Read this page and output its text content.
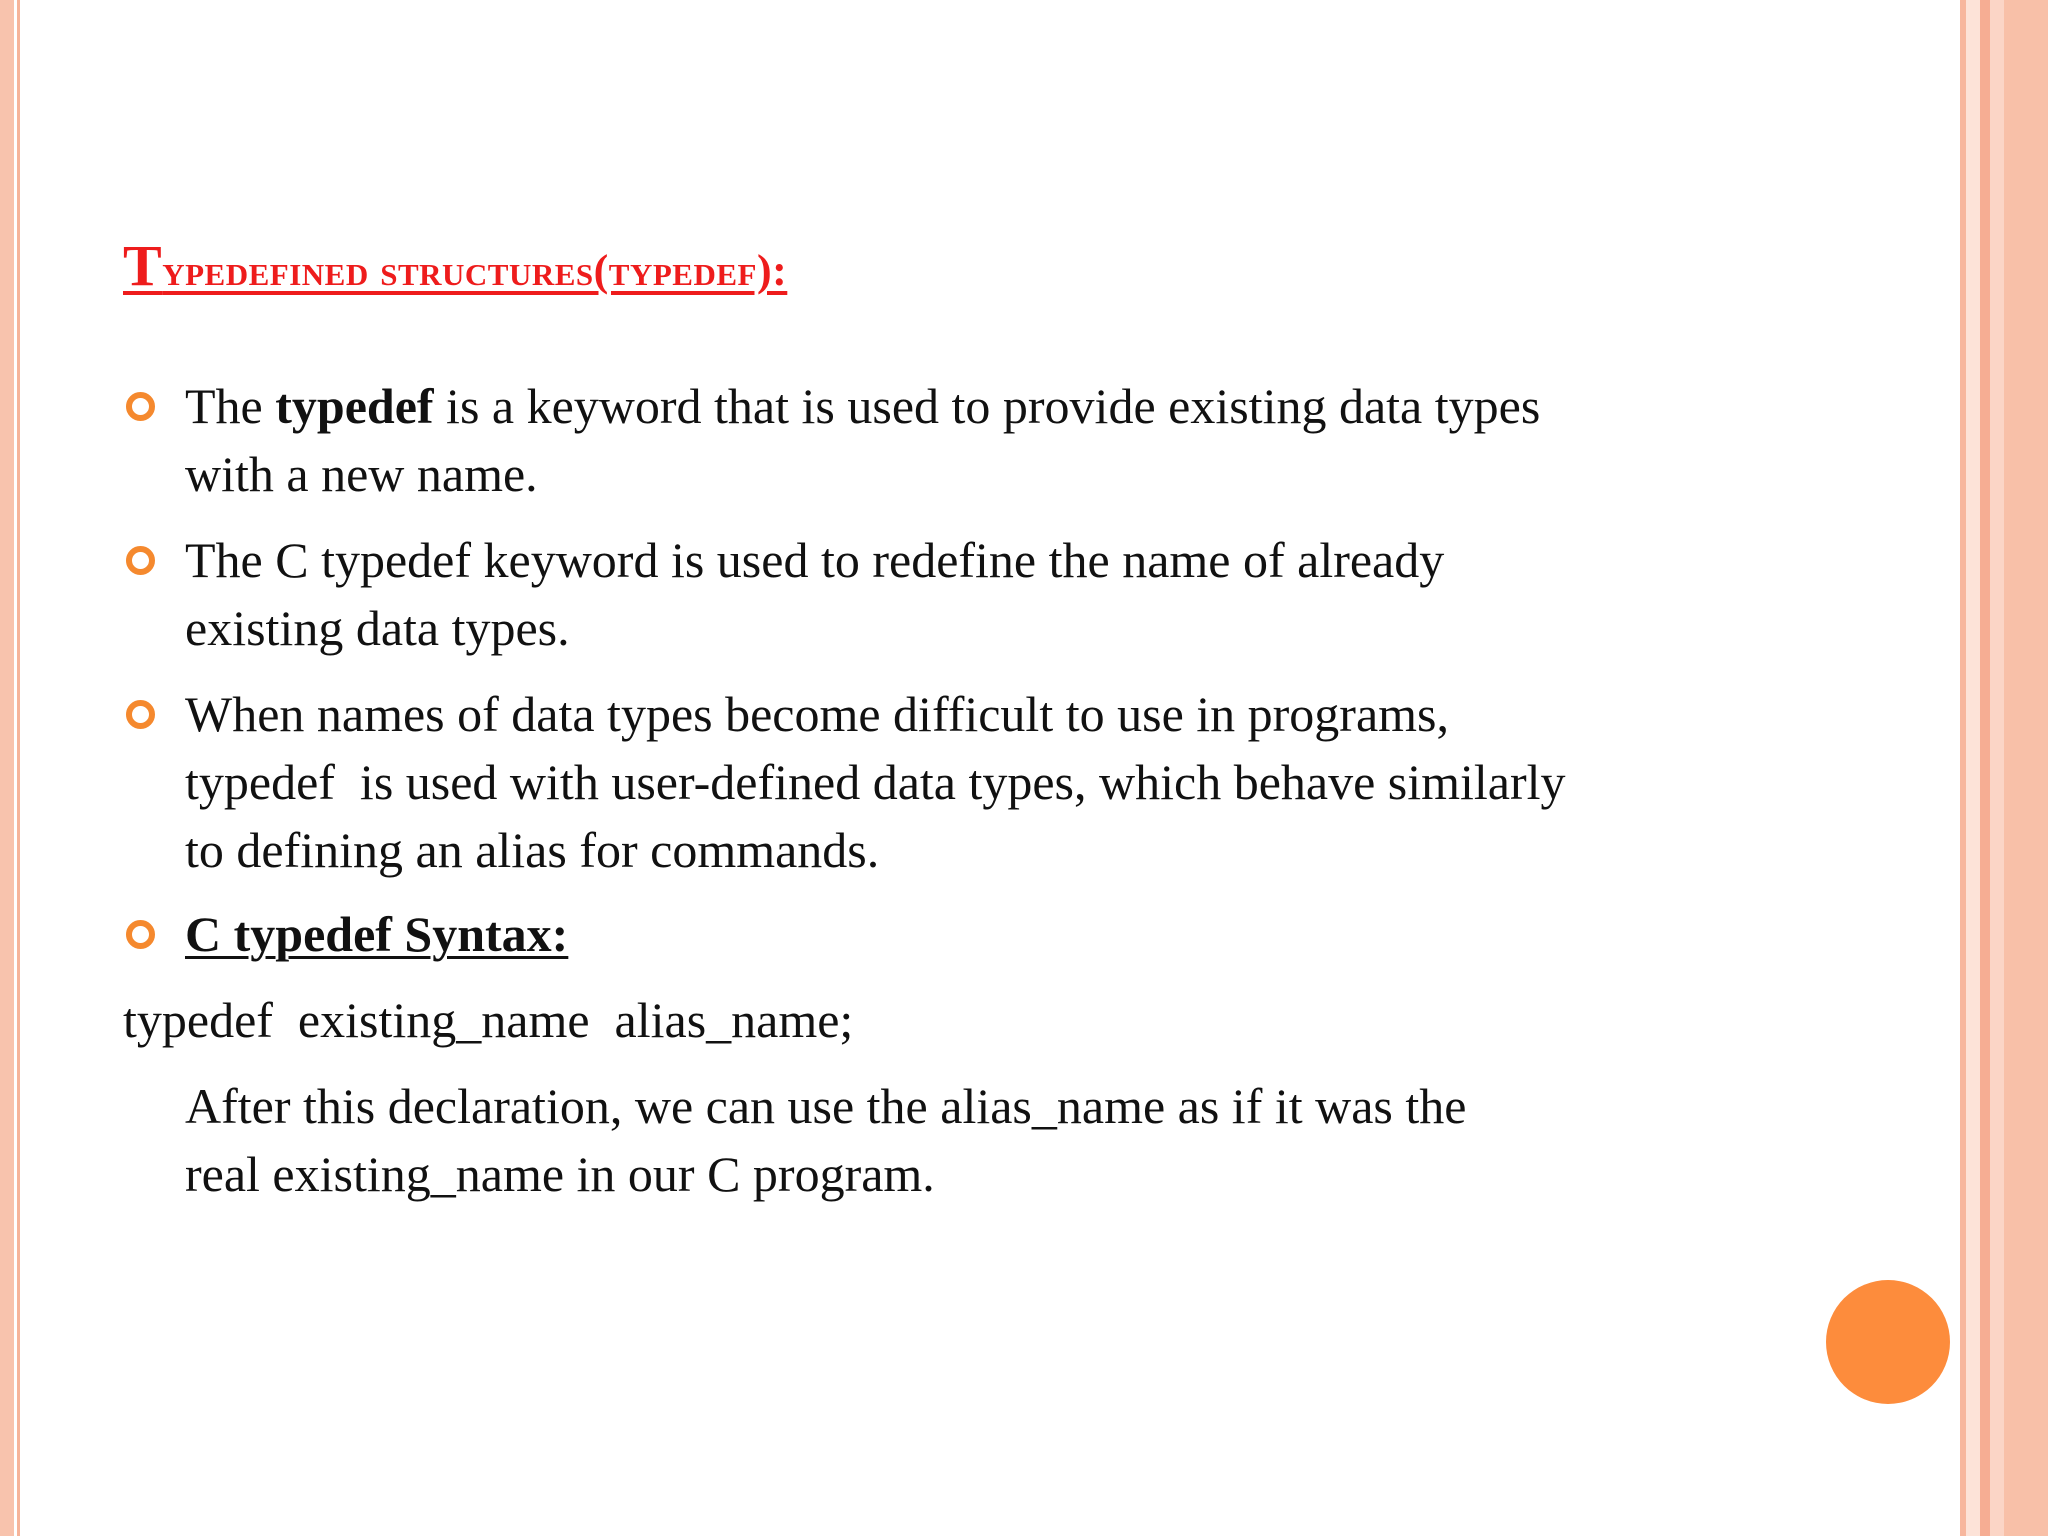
Typedefined structures(typedef):
The typedef is a keyword that is used to provide existing data types
with a new name.
The C typedef keyword is used to redefine the name of already
existing data types.
When names of data types become difficult to use in programs,
typedef  is used with user-defined data types, which behave similarly
to defining an alias for commands.
C typedef Syntax:
typedef  existing_name  alias_name;
After this declaration, we can use the alias_name as if it was the
real existing_name in our C program.
